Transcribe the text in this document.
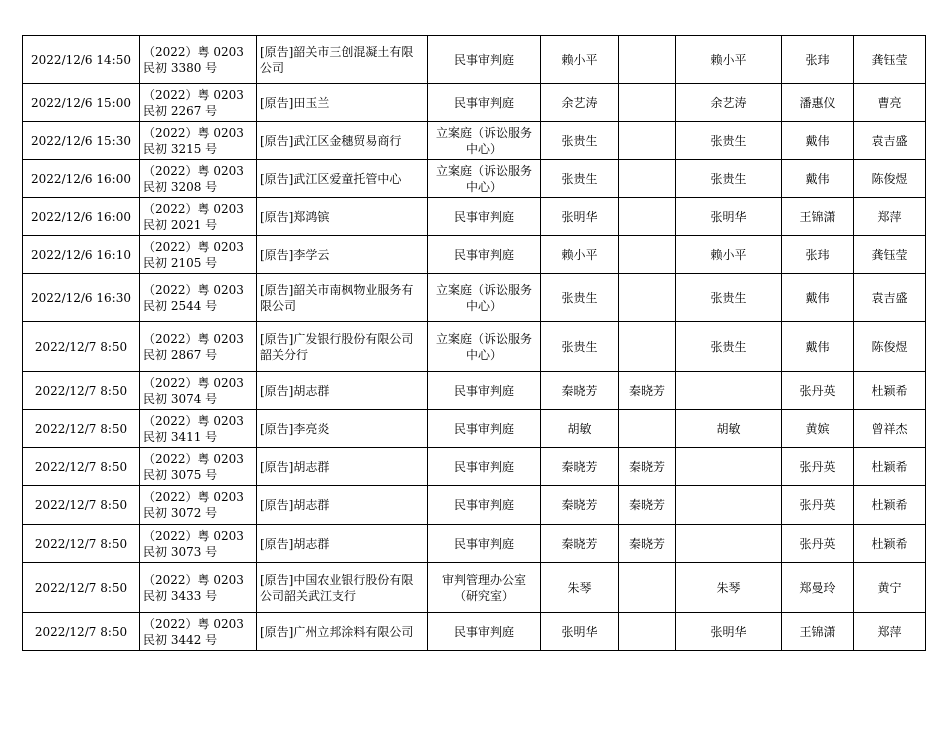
2022/12/6 14:50	（2022）粤 0203 民初 3380 号	[原告]韶关市三创混凝土有限公司	民事审判庭	赖小平		赖小平	张玮	龚钰莹
2022/12/6 15:00	（2022）粤 0203 民初 2267 号	[原告]田玉兰	民事审判庭	余艺涛		余艺涛	潘惠仪	曹亮
2022/12/6 15:30	（2022）粤 0203 民初 3215 号	[原告]武江区金穗贸易商行	立案庭（诉讼服务中心）	张贵生		张贵生	戴伟	袁吉盛
2022/12/6 16:00	（2022）粤 0203 民初 3208 号	[原告]武江区爱童托管中心	立案庭（诉讼服务中心）	张贵生		张贵生	戴伟	陈俊煜
2022/12/6 16:00	（2022）粤 0203 民初 2021 号	[原告]郑鸿镔	民事审判庭	张明华		张明华	王锦潇	郑萍
2022/12/6 16:10	（2022）粤 0203 民初 2105 号	[原告]李学云	民事审判庭	赖小平		赖小平	张玮	龚钰莹
2022/12/6 16:30	（2022）粤 0203 民初 2544 号	[原告]韶关市南枫物业服务有限公司	立案庭（诉讼服务中心）	张贵生		张贵生	戴伟	袁吉盛
2022/12/7 8:50	（2022）粤 0203 民初 2867 号	[原告]广发银行股份有限公司韶关分行	立案庭（诉讼服务中心）	张贵生		张贵生	戴伟	陈俊煜
2022/12/7 8:50	（2022）粤 0203 民初 3074 号	[原告]胡志群	民事审判庭	秦晓芳	秦晓芳		张丹英	杜颖希
2022/12/7 8:50	（2022）粤 0203 民初 3411 号	[原告]李亮炎	民事审判庭	胡敏		胡敏	黄嫔	曾祥杰
2022/12/7 8:50	（2022）粤 0203 民初 3075 号	[原告]胡志群	民事审判庭	秦晓芳	秦晓芳		张丹英	杜颖希
2022/12/7 8:50	（2022）粤 0203 民初 3072 号	[原告]胡志群	民事审判庭	秦晓芳	秦晓芳		张丹英	杜颖希
2022/12/7 8:50	（2022）粤 0203 民初 3073 号	[原告]胡志群	民事审判庭	秦晓芳	秦晓芳		张丹英	杜颖希
2022/12/7 8:50	（2022）粤 0203 民初 3433 号	[原告]中国农业银行股份有限公司韶关武江支行	审判管理办公室（研究室）	朱琴		朱琴	郑曼玲	黄宁
2022/12/7 8:50	（2022）粤 0203 民初 3442 号	[原告]广州立邦涂料有限公司	民事审判庭	张明华		张明华	王锦潇	郑萍
